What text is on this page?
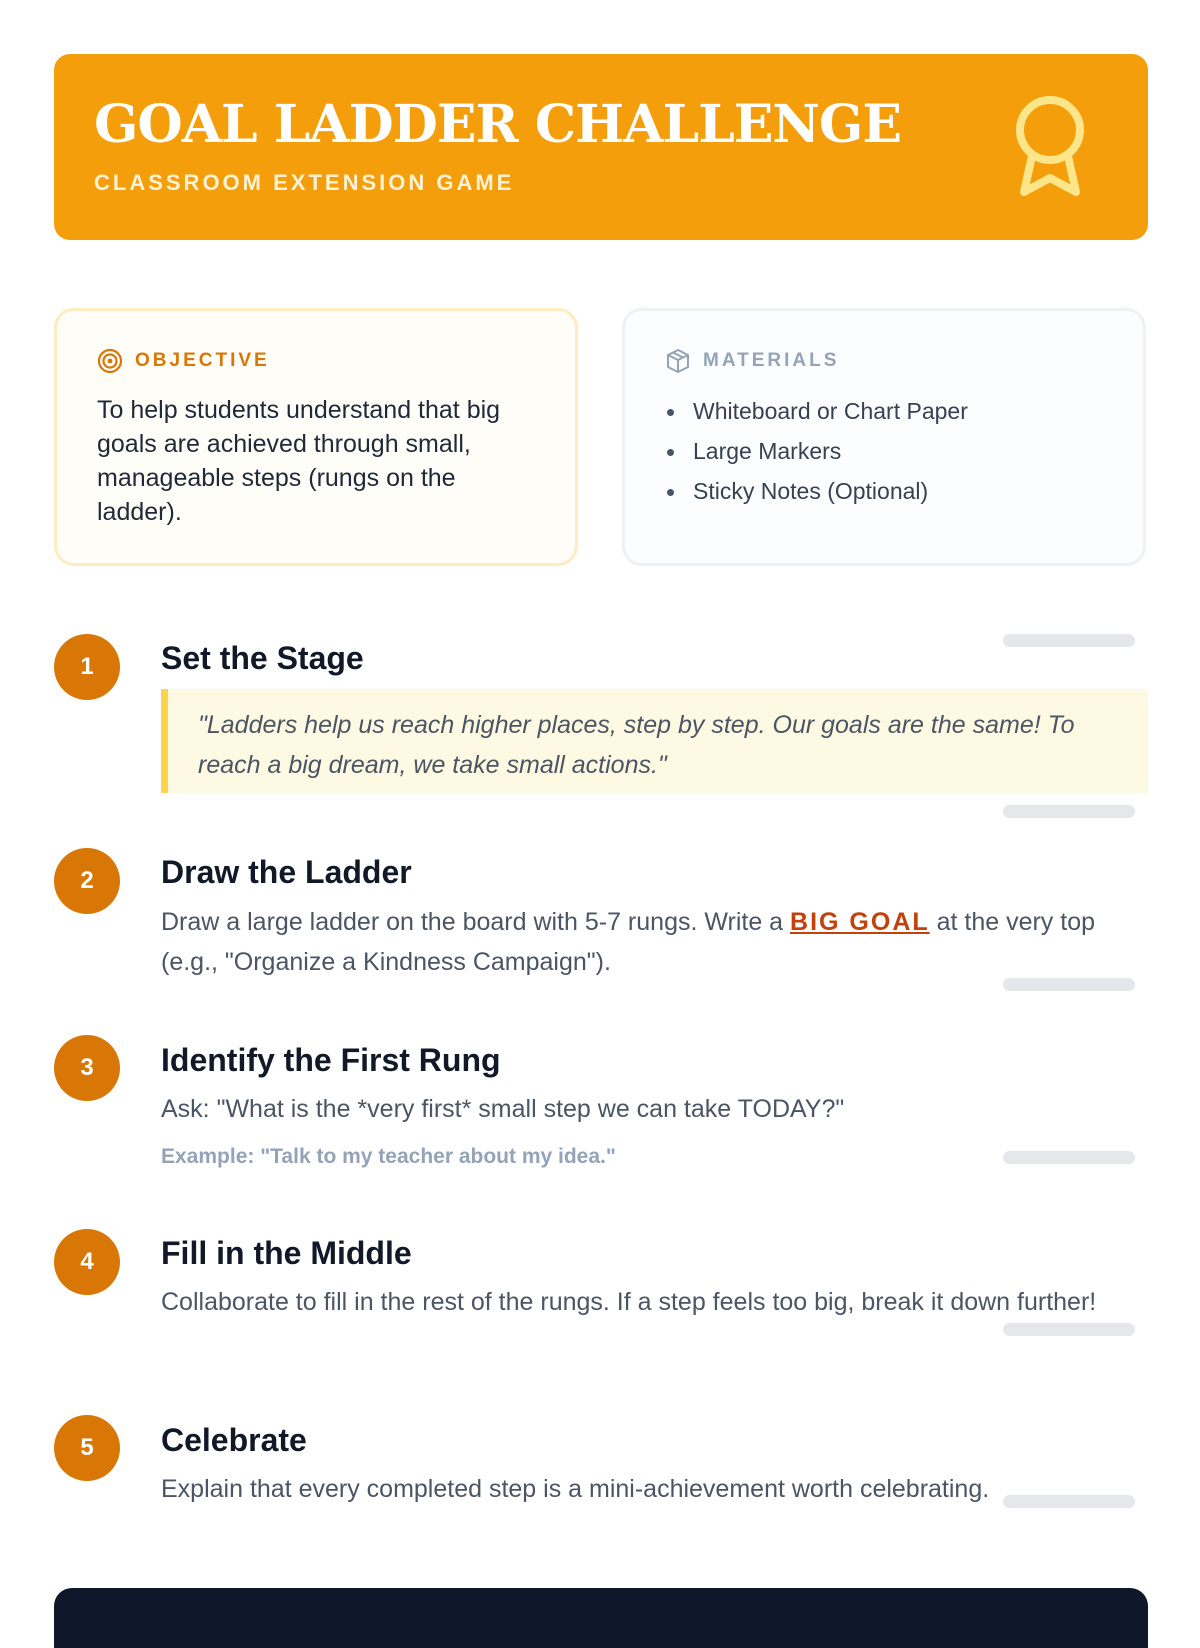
GOAL LADDER CHALLENGE
CLASSROOM EXTENSION GAME
OBJECTIVE
To help students understand that big goals are achieved through small, manageable steps (rungs on the ladder).
MATERIALS
Whiteboard or Chart Paper
Large Markers
Sticky Notes (Optional)
1	Set the Stage
"Ladders help us reach higher places, step by step. Our goals are the same! To reach a big dream, we take small actions."
2	Draw the Ladder
Draw a large ladder on the board with 5-7 rungs. Write a BIG GOAL at the very top (e.g., "Organize a Kindness Campaign").
3	Identify the First Rung
Ask: "What is the *very first* small step we can take TODAY?"
Example: "Talk to my teacher about my idea."
4	Fill in the Middle
Collaborate to fill in the rest of the rungs. If a step feels too big, break it down further!
5	Celebrate
Explain that every completed step is a mini-achievement worth celebrating.
